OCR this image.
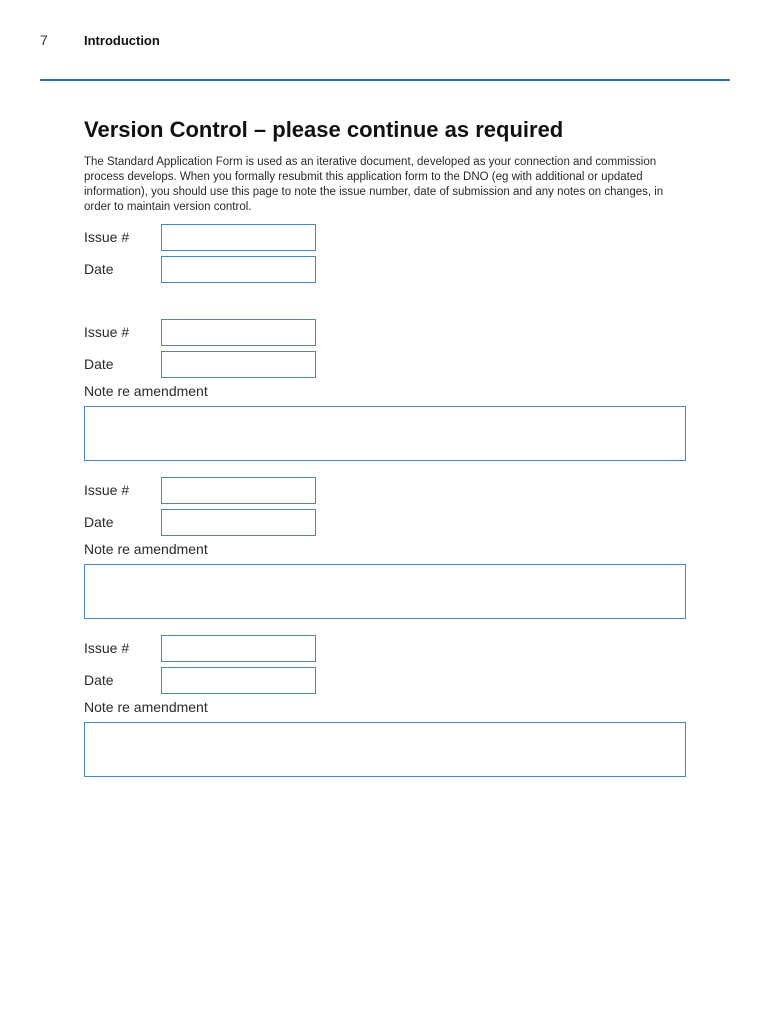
7	Introduction
Version Control – please continue as required

The Standard Application Form is used as an iterative document, developed as your connection and commission process develops. When you formally resubmit this application form to the DNO (eg with additional or updated information), you should use this page to note the issue number, date of submission and any notes on changes, in order to maintain version control.

Issue #
Date
Issue #
Date
Note re amendment
Issue #
Date
Note re amendment
Issue #
Date
Note re amendment
